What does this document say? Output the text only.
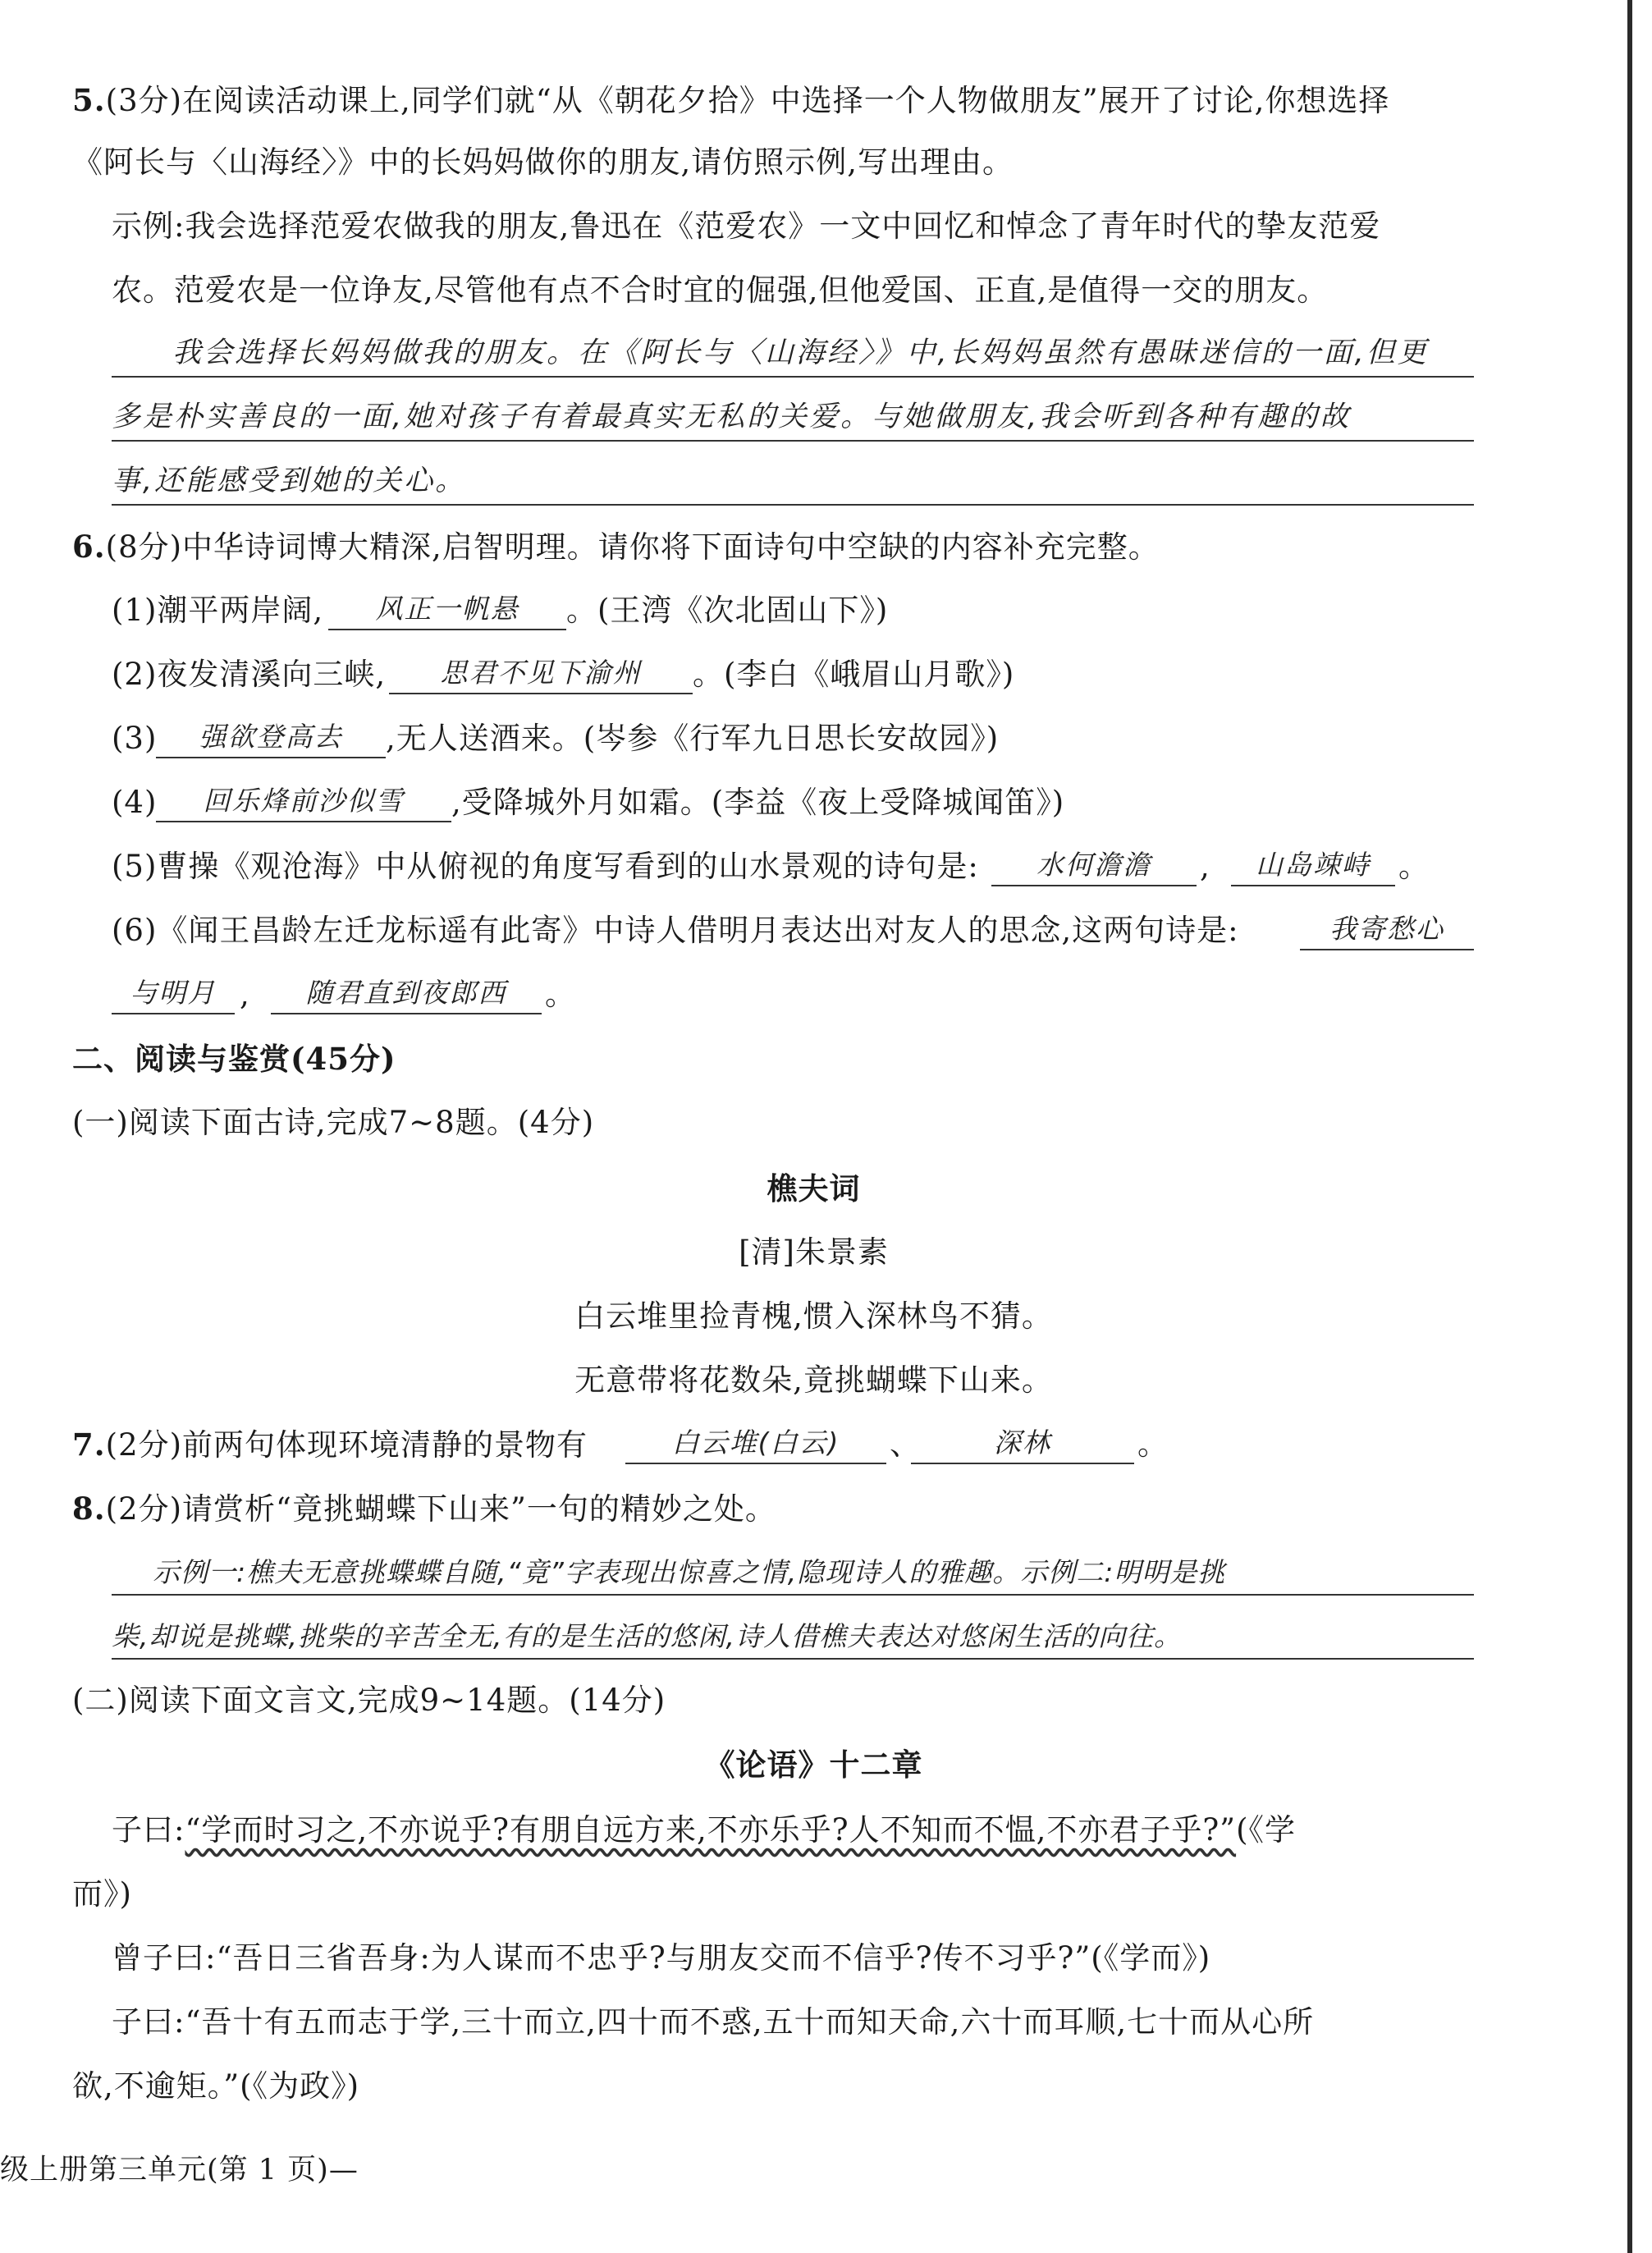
5.(3分)在阅读活动课上,同学们就“从《朝花夕拾》中选择一个人物做朋友”展开了讨论,你想选择
《阿长与〈山海经〉》中的长妈妈做你的朋友,请仿照示例,写出理由。
示例:我会选择范爱农做我的朋友,鲁迅在《范爱农》一文中回忆和悼念了青年时代的挚友范爱
农。范爱农是一位诤友,尽管他有点不合时宜的倔强,但他爱国、正直,是值得一交的朋友。
我会选择长妈妈做我的朋友。在《阿长与〈山海经〉》中,长妈妈虽然有愚昧迷信的一面,但更
多是朴实善良的一面,她对孩子有着最真实无私的关爱。与她做朋友,我会听到各种有趣的故
事,还能感受到她的关心。
6.(8分)中华诗词博大精深,启智明理。请你将下面诗句中空缺的内容补充完整。
(1)潮平两岸阔,	风正一帆悬	。(王湾《次北固山下》)
(2)夜发清溪向三峡,	思君不见下渝州	。(李白《峨眉山月歌》)
(3)	强欲登高去	,无人送酒来。(岑参《行军九日思长安故园》)
(4)	回乐烽前沙似雪	,受降城外月如霜。(李益《夜上受降城闻笛》)
(5)曹操《观沧海》中从俯视的角度写看到的山水景观的诗句是:	水何澹澹	,	山岛竦峙 。
(6)《闻王昌龄左迁龙标遥有此寄》中诗人借明月表达出对友人的思念,这两句诗是:	我寄愁心
与明月 ,	随君直到夜郎西	。
二、阅读与鉴赏(45分)
(一)阅读下面古诗,完成7~8题。(4分)
樵夫词
[清]朱景素
白云堆里捡青槐,惯入深林鸟不猜。
无意带将花数朵,竟挑蝴蝶下山来。
7.(2分)前两句体现环境清静的景物有	白云堆(白云)	、	深林	。
8.(2分)请赏析“竟挑蝴蝶下山来”一句的精妙之处。
示例一:樵夫无意挑蝶蝶自随,“竟”字表现出惊喜之情,隐现诗人的雅趣。示例二:明明是挑
柴,却说是挑蝶,挑柴的辛苦全无,有的是生活的悠闲,诗人借樵夫表达对悠闲生活的向往。
(二)阅读下面文言文,完成9~14题。(14分)
《论语》十二章
子曰:“学而时习之,不亦说乎?有朋自远方来,不亦乐乎?人不知而不愠,不亦君子乎?”(《学
而》)
曾子曰:“吾日三省吾身:为人谋而不忠乎?与朋友交而不信乎?传不习乎?”(《学而》)
子曰:“吾十有五而志于学,三十而立,四十而不惑,五十而知天命,六十而耳顺,七十而从心所
欲,不逾矩。”(《为政》)
级上册第三单元(第 1 页)—
